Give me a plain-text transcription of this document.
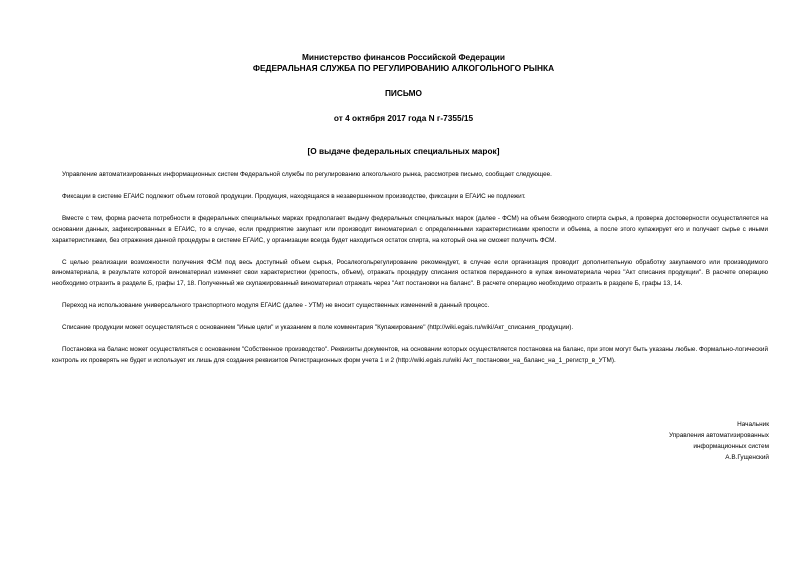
Министерство финансов Российской Федерации
ФЕДЕРАЛЬНАЯ СЛУЖБА ПО РЕГУЛИРОВАНИЮ АЛКОГОЛЬНОГО РЫНКА
ПИСЬМО
от 4 октября 2017 года N г-7355/15
[О выдаче федеральных специальных марок]

Управление автоматизированных информационных систем Федеральной службы по регулированию алкогольного рынка, рассмотрев письмо, сообщает следующее.

Фиксации в системе ЕГАИС подлежит объем готовой продукции. Продукция, находящаяся в незавершенном производстве, фиксации в ЕГАИС не подлежит.

Вместе с тем, форма расчета потребности в федеральных специальных марках предполагает выдачу федеральных специальных марок (далее - ФСМ) на объем безводного спирта сырья, а проверка достоверности осуществляется на основании данных, зафиксированных в ЕГАИС, то в случае, если предприятие закупает или производит виноматериал с определенными характеристиками крепости и объема, а после этого купажирует его и получает сырье с иными характеристиками, без отражения данной процедуры в системе ЕГАИС, у организации всегда будет находиться остаток спирта, на который она не сможет получить ФСМ.

С целью реализации возможности получения ФСМ под весь доступный объем сырья, Росалкогольрегулирование рекомендует, в случае если организация проводит дополнительную обработку закупаемого или производимого виноматериала, в результате которой виноматериал изменяет свои характеристики (крепость, объем), отражать процедуру списания остатков переданного в купаж виноматериала через "Акт списания продукции". В расчете операцию необходимо отразить в разделе Б, графы 17, 18. Полученный же скупажированный виноматериал отражать через "Акт постановки на баланс". В расчете операцию необходимо отразить в разделе Б, графы 13, 14.

Переход на использование универсального транспортного модуля ЕГАИС (далее - УТМ) не вносит существенных изменений в данный процесс.

Списание продукции может осуществляться с основанием "Иные цели" и указанием в поле комментария "Купажирование" (http://wiki.egais.ru/wiki/Акт_списания_продукции).

Постановка на баланс может осуществляться с основанием "Собственное производство". Реквизиты документов, на основании которых осуществляется постановка на баланс, при этом могут быть указаны любые. Формально-логический контроль их проверять не будет и использует их лишь для создания реквизитов Регистрационных форм учета 1 и 2 (http://wiki.egais.ru/wiki Акт_постановки_на_баланс_на_1_регистр_в_УТМ).

Начальник
Управления автоматизированных
информационных систем
А.В.Гущенский
